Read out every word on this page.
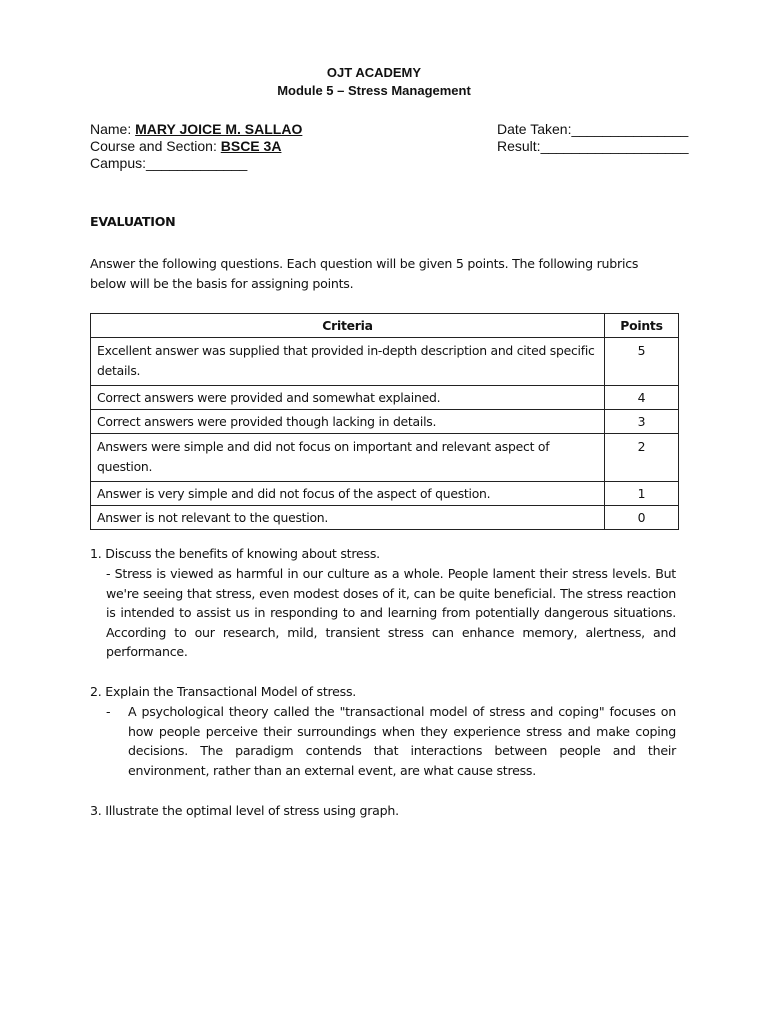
OJT ACADEMY
Module 5 – Stress Management
Name: MARY JOICE M. SALLAO
Course and Section: BSCE 3A
Campus:_____________
Date Taken:_______________
Result:___________________
EVALUATION
Answer the following questions. Each question will be given 5 points. The following rubrics below will be the basis for assigning points.
Criteria	Points
Excellent answer was supplied that provided in-depth description and cited specific details.	5
Correct answers were provided and somewhat explained.	4
Correct answers were provided though lacking in details.	3
Answers were simple and did not focus on important and relevant aspect of question.	2
Answer is very simple and did not focus of the aspect of question.	1
Answer is not relevant to the question.	0
1. Discuss the benefits of knowing about stress.
- Stress is viewed as harmful in our culture as a whole. People lament their stress levels. But we're seeing that stress, even modest doses of it, can be quite beneficial. The stress reaction is intended to assist us in responding to and learning from potentially dangerous situations. According to our research, mild, transient stress can enhance memory, alertness, and performance.
2. Explain the Transactional Model of stress.
- A psychological theory called the "transactional model of stress and coping" focuses on how people perceive their surroundings when they experience stress and make coping decisions. The paradigm contends that interactions between people and their environment, rather than an external event, are what cause stress.
3. Illustrate the optimal level of stress using graph.
